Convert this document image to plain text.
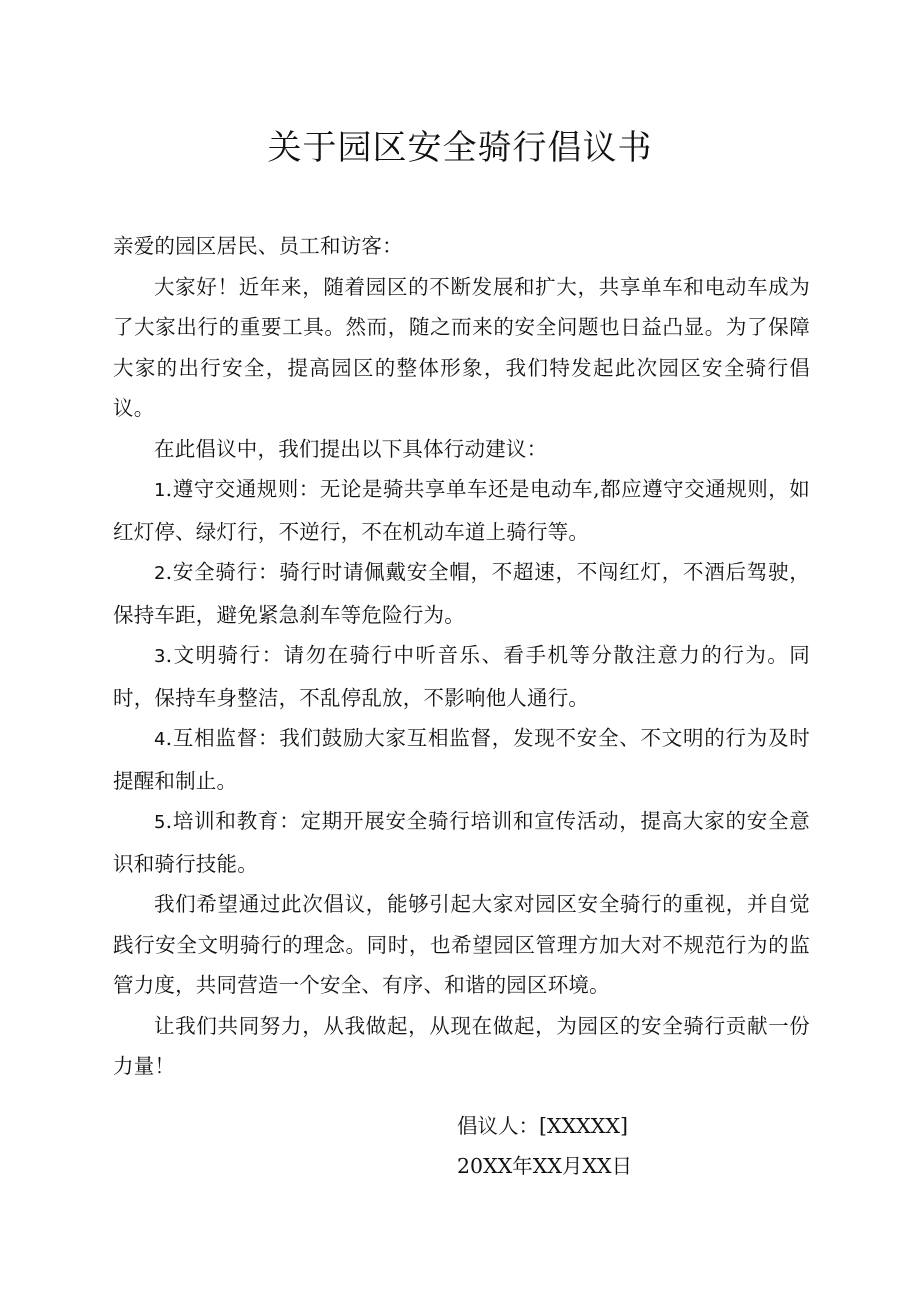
关于园区安全骑行倡议书

亲爱的园区居民、员工和访客：

大家好！近年来，随着园区的不断发展和扩大，共享单车和电动车成为了大家出行的重要工具。然而，随之而来的安全问题也日益凸显。为了保障大家的出行安全，提高园区的整体形象，我们特发起此次园区安全骑行倡议。

在此倡议中，我们提出以下具体行动建议：

1.遵守交通规则：无论是骑共享单车还是电动车,都应遵守交通规则，如红灯停、绿灯行，不逆行，不在机动车道上骑行等。

2.安全骑行：骑行时请佩戴安全帽，不超速，不闯红灯，不酒后驾驶，保持车距，避免紧急刹车等危险行为。

3.文明骑行：请勿在骑行中听音乐、看手机等分散注意力的行为。同时，保持车身整洁，不乱停乱放，不影响他人通行。

4.互相监督：我们鼓励大家互相监督，发现不安全、不文明的行为及时提醒和制止。

5.培训和教育：定期开展安全骑行培训和宣传活动，提高大家的安全意识和骑行技能。

我们希望通过此次倡议，能够引起大家对园区安全骑行的重视，并自觉践行安全文明骑行的理念。同时，也希望园区管理方加大对不规范行为的监管力度，共同营造一个安全、有序、和谐的园区环境。

让我们共同努力，从我做起，从现在做起，为园区的安全骑行贡献一份力量！

倡议人：[XXXXX]

20XX年XX月XX日
